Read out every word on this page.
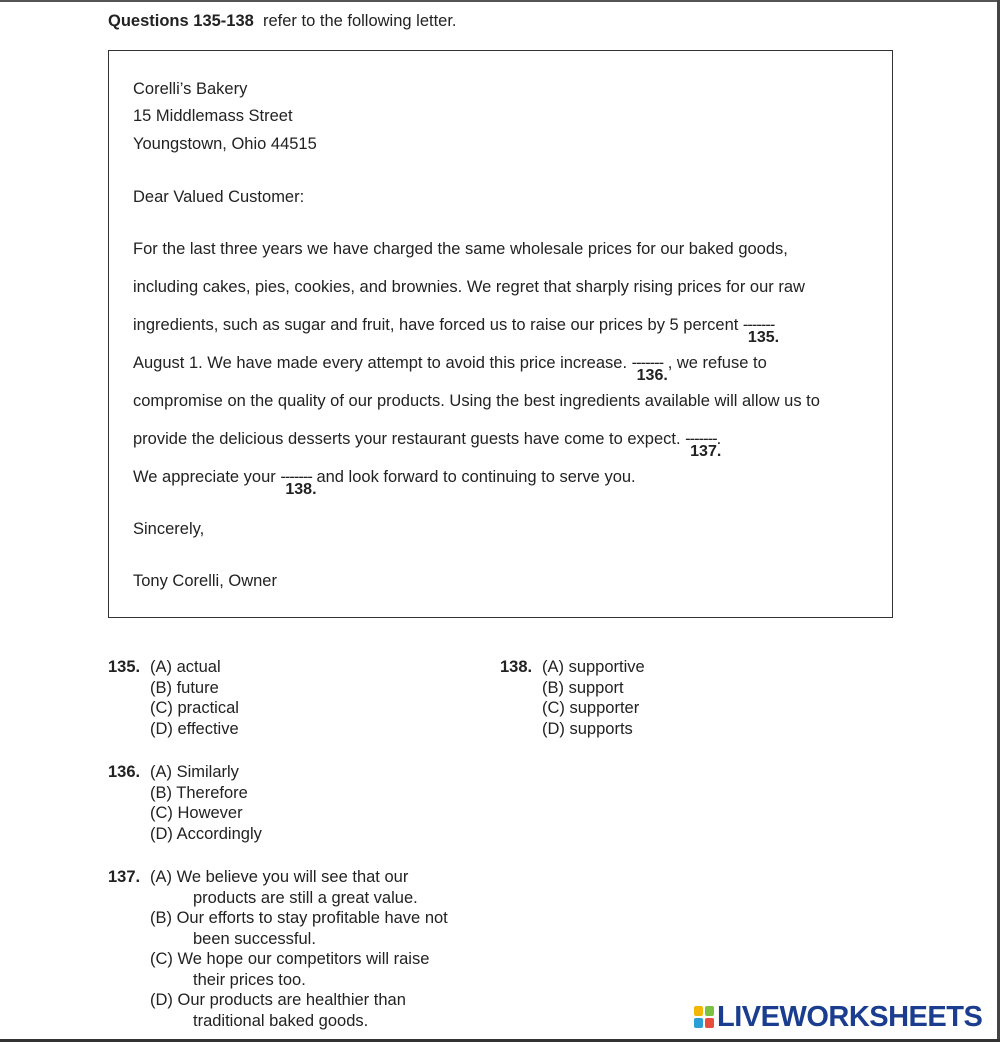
Questions 135-138 refer to the following letter.
Corelli’s Bakery
15 Middlemass Street
Youngstown, Ohio 44515
Dear Valued Customer:
For the last three years we have charged the same wholesale prices for our baked goods,
including cakes, pies, cookies, and brownies. We regret that sharply rising prices for our raw
ingredients, such as sugar and fruit, have forced us to raise our prices by 5 percent -------
135.
August 1. We have made every attempt to avoid this price increase. -------
136.
, we refuse to
compromise on the quality of our products. Using the best ingredients available will allow us to
provide the delicious desserts your restaurant guests have come to expect. -------
137.
.
We appreciate your -------
138.
and look forward to continuing to serve you.
Sincerely,
Tony Corelli, Owner
135. (A) actual
(B) future
(C) practical
(D) effective
138. (A) supportive
(B) support
(C) supporter
(D) supports
136. (A) Similarly
(B) Therefore
(C) However
(D) Accordingly
137. (A) We believe you will see that our
products are still a great value.
(B) Our efforts to stay profitable have not
been successful.
(C) We hope our competitors will raise
their prices too.
(D) Our products are healthier than
traditional baked goods.	LIVEWORKSHEETS
